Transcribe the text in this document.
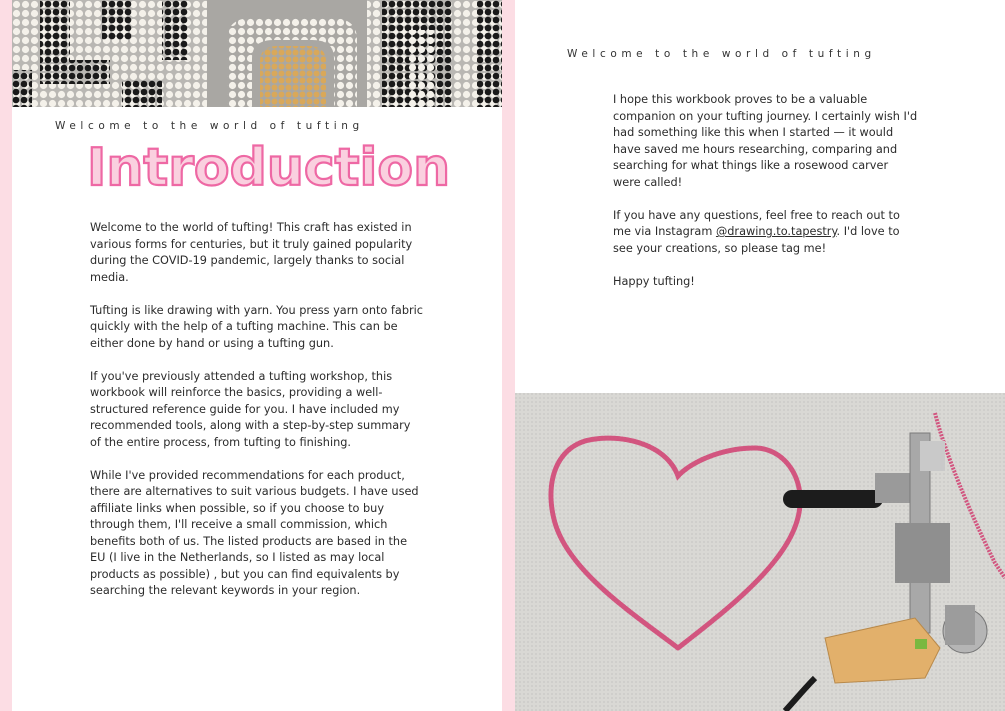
Welcome to the world of tufting
Introduction

Welcome to the world of tufting! This craft has existed in various forms for centuries, but it truly gained popularity during the COVID-19 pandemic, largely thanks to social media.

Tufting is like drawing with yarn. You press yarn onto fabric quickly with the help of a tufting machine. This can be either done by hand or using a tufting gun.

If you've previously attended a tufting workshop, this workbook will reinforce the basics, providing a well-structured reference guide for you. I have included my recommended tools, along with a step-by-step summary of the entire process, from tufting to finishing.

While I've provided recommendations for each product, there are alternatives to suit various budgets. I have used affiliate links when possible, so if you choose to buy through them, I'll receive a small commission, which benefits both of us. The listed products are based in the EU (I live in the Netherlands, so I listed as may local products as possible) , but you can find equivalents by searching the relevant keywords in your region.

Welcome to the world of tufting

I hope this workbook proves to be a valuable companion on your tufting journey. I certainly wish I'd had something like this when I started — it would have saved me hours researching, comparing and searching for what things like a rosewood carver were called!

If you have any questions, feel free to reach out to me via Instagram @drawing.to.tapestry. I'd love to see your creations, so please tag me!

Happy tufting!
